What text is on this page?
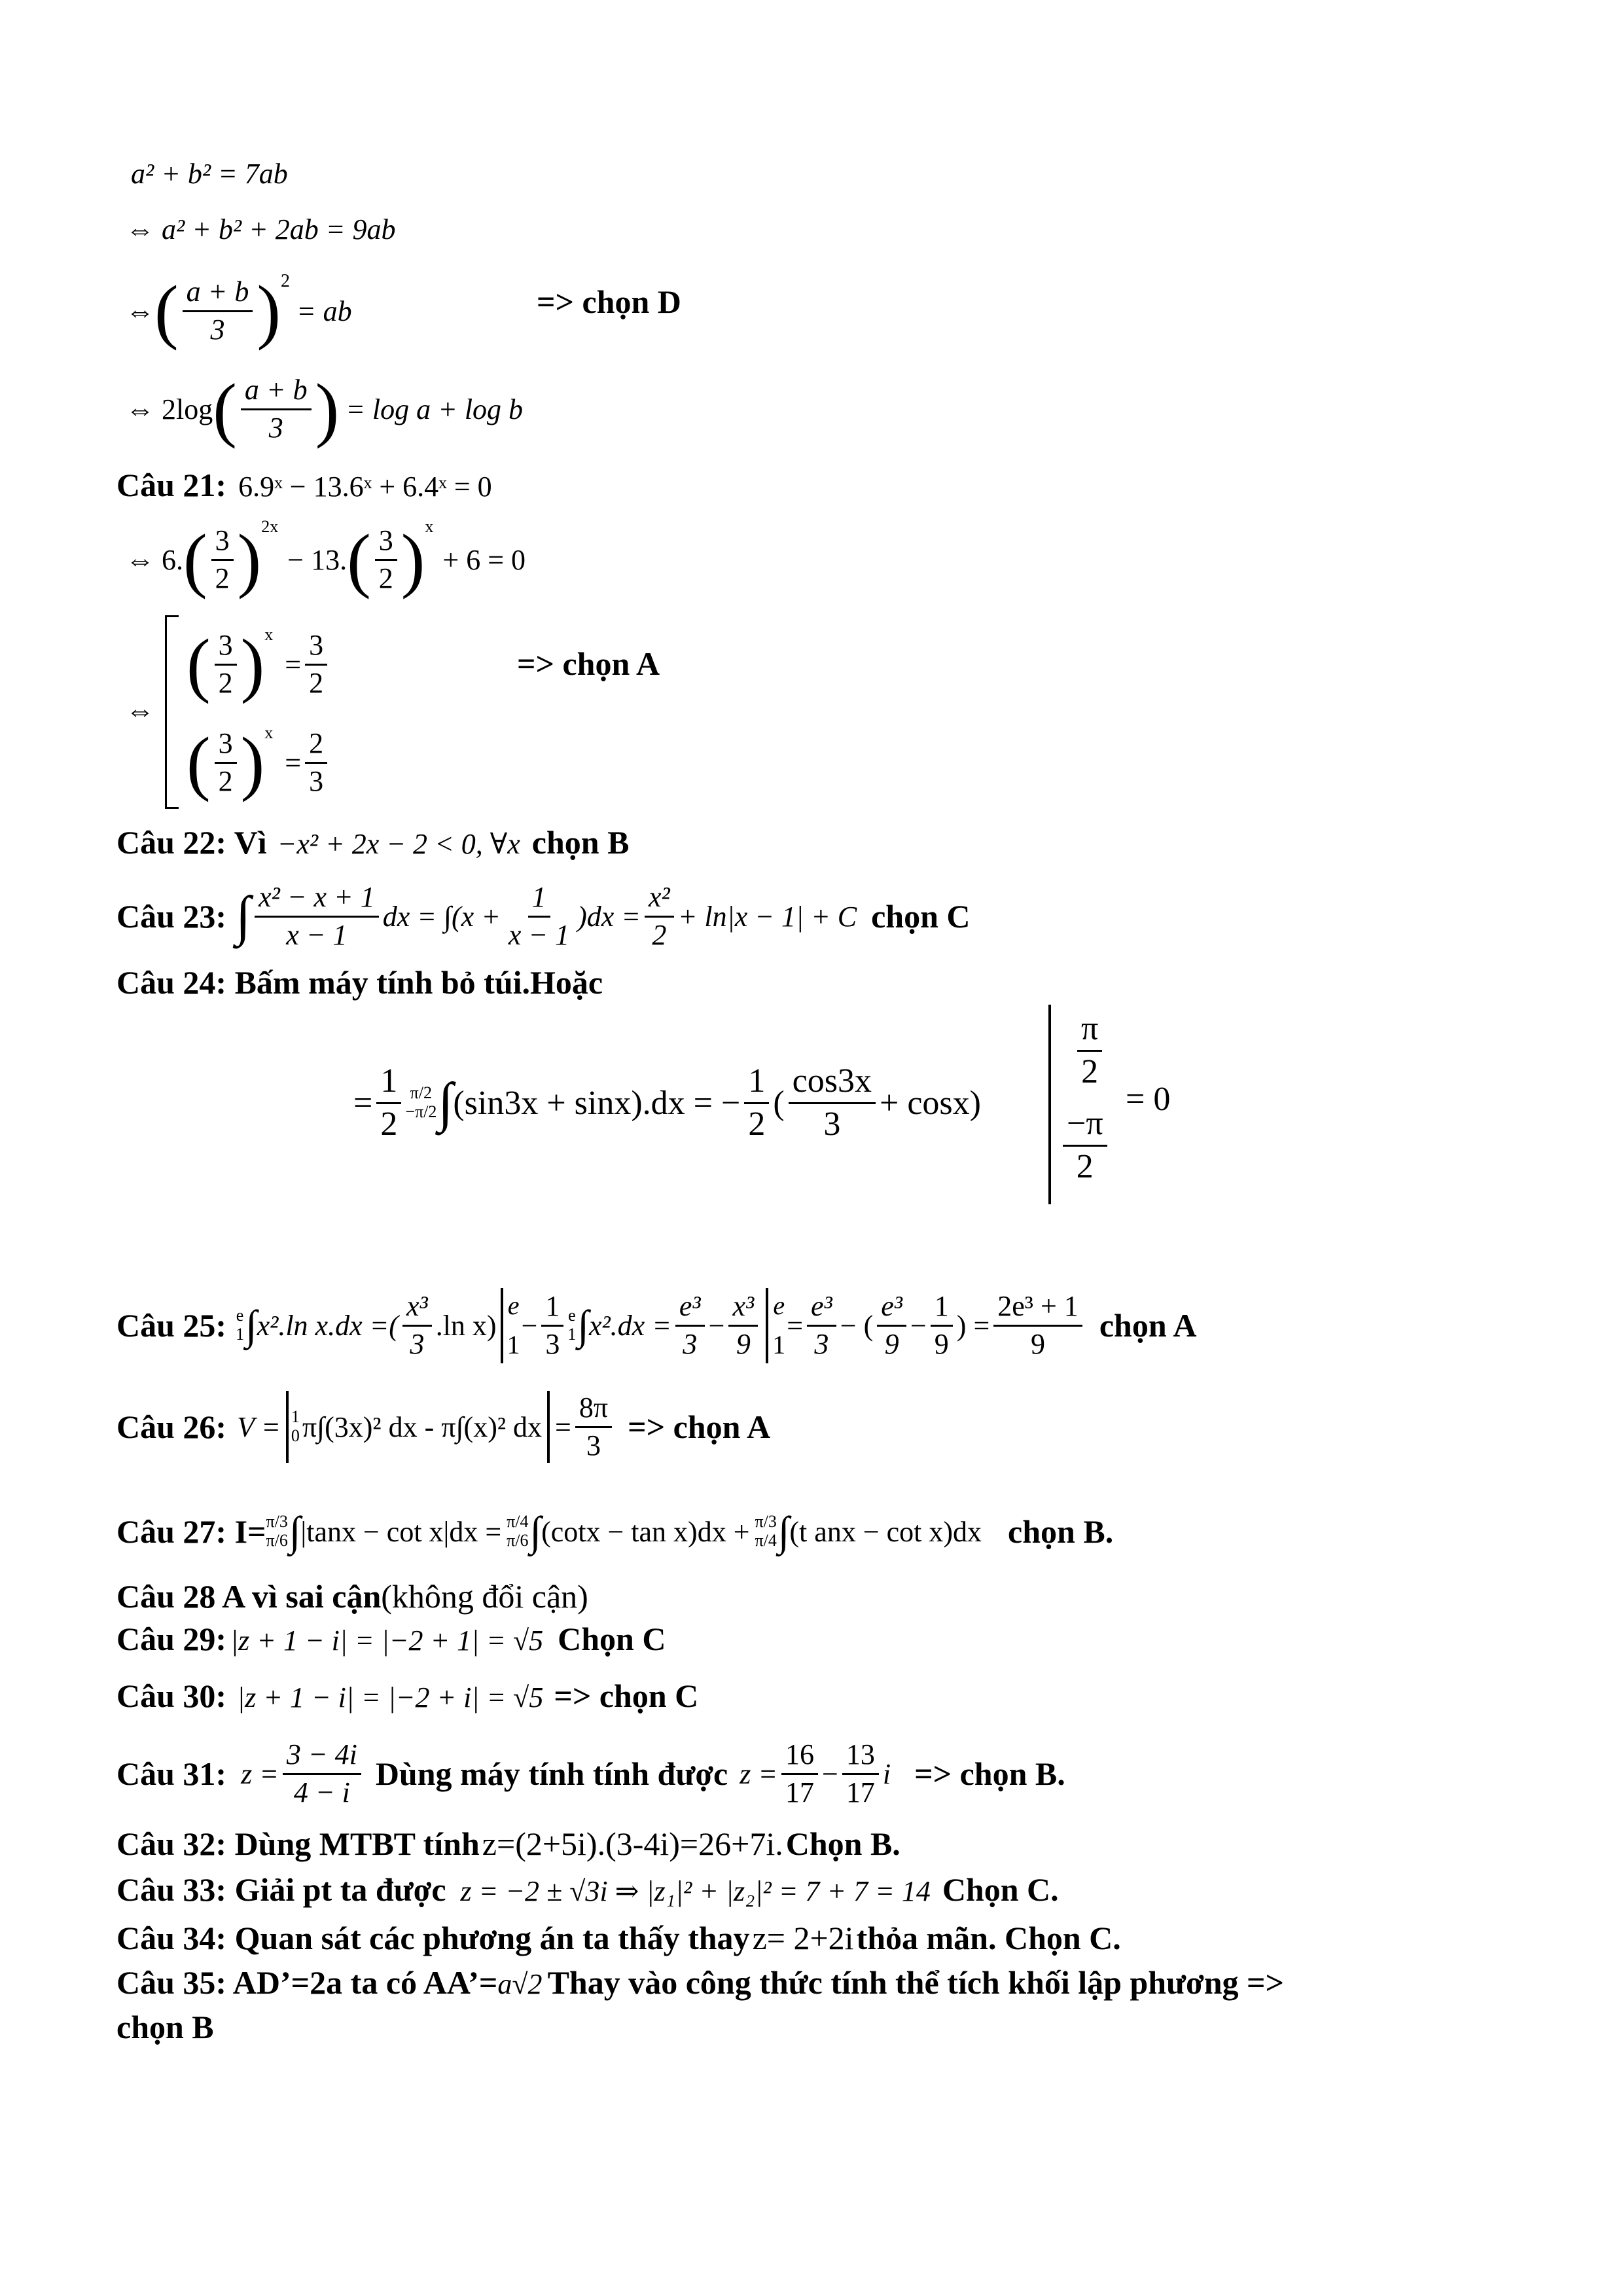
a² + b² = 7ab
⇔ a² + b² + 2ab = 9ab
⇔ ( $\frac{a + b}{3}$ ) 2
= ab	=> chọn D
⇔ 2log ( $\frac{a + b}{3}$ ) = log a + log b
Câu 21: 6.9ˣ − 13.6ˣ + 6.4ˣ = 0
⇔ 6. ( $\frac{3}{2}$ ) 2x
− 13. ( $\frac{3}{2}$ ) x
+ 6 = 0
⇔
( $\frac{3}{2}$ ) x
= $\frac{3}{2}$	=> chọn A
( $\frac{3}{2}$ ) x
= $\frac{2}{3}$
Câu 22: Vì −x² + 2x − 2 < 0, ∀x chọn B
Câu 23: ∫ $\frac{\text{x² − x + 1}}{x - 1}$ dx = $\int(x + \frac{1}{x - 1} )dx = \frac{\text{x²}}{2} + \ln|x - 1| + C$ chọn C
Câu 24: Bấm máy tính bỏ túi.Hoặc
= $\frac{1}{2} \pi/2$
−π/2 ∫ (sin3x + sinx).dx = − $\frac{1}{2}$ ( $\frac{\cos 3x}{3} + \cos x$)
$\frac{\pi}{2}$
$\frac{-\pi}{2}$
= 0
Câu 25: e
1 ∫ x².ln x.dx =( $\frac{\text{x³}}{3} .\ln$ x)
e
1
− $\frac{1}{3}$ e
1 ∫ $x^2.dx = \frac{\text{e³}}{3} - \frac{\text{x³}}{9}$ e
1
= $\frac{\text{e³}}{3}$ − ( $\frac{\text{e³}}{9} - \frac{1}{9}$ ) = $\frac{\text{2e³ + 1}}{9}$ chọn A
Câu 26: V = 1
0 π∫(3x)² dx - π∫(x)² dx = $\frac{8\pi}{3}$ => chọn A
Câu 27: I= π/3
π/6 ∫ |tanx − cot x|dx = π/4
π/6 ∫ (cotx − tan x)dx + π/3
π/4 ∫ (t anx − cot x)dx chọn B.
Câu 28 A vì sai cận(không đổi cận)
Câu 29: |z + 1 − i| = |−2 + 1| = √5 Chọn C
Câu 30: |z + 1 − i| = |−2 + i| = √5 => chọn C
Câu 31: $z = \frac{3 - 4i}{4 - i}$ Dùng máy tính tính được $z = \frac{16}{17} - \frac{13}{17}$ i => chọn B.
Câu 32: Dùng MTBT tính z=(2+5i).(3-4i)=26+7i. Chọn B.
Câu 33: Giải pt ta được z = −2 ± √3i ⇒ |z₁|² + |z₂|² = 7 + 7 = 14 Chọn C.
Câu 34: Quan sát các phương án ta thấy thay z= 2+2i thỏa mãn. Chọn C.
Câu 35: AD’=2a ta có AA’= a√2 Thay vào công thức tính thể tích khối lập phương =>
chọn B
